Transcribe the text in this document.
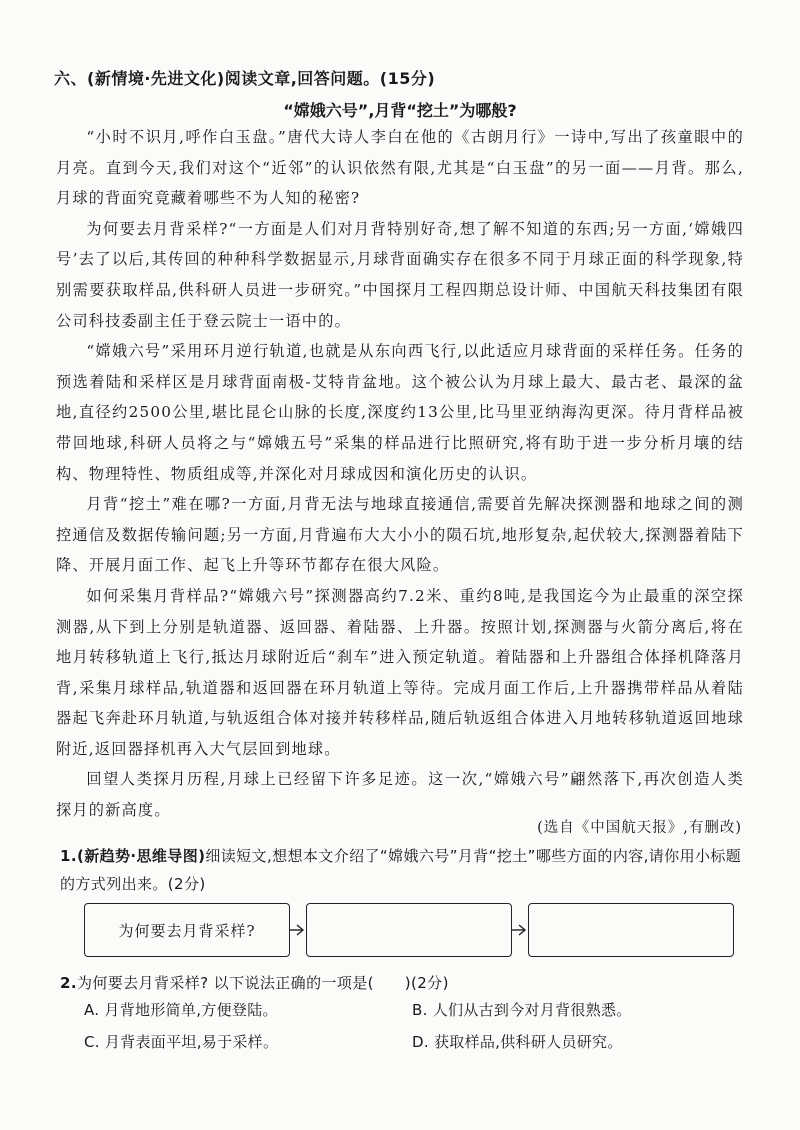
六、(新情境·先进文化)阅读文章,回答问题。(15分)
“嫦娥六号”,月背“挖土”为哪般?

“小时不识月,呼作白玉盘。”唐代大诗人李白在他的《古朗月行》一诗中,写出了孩童眼中的月亮。直到今天,我们对这个“近邻”的认识依然有限,尤其是“白玉盘”的另一面——月背。那么,月球的背面究竟藏着哪些不为人知的秘密?

为何要去月背采样?“一方面是人们对月背特别好奇,想了解不知道的东西;另一方面,‘嫦娥四号’去了以后,其传回的种种科学数据显示,月球背面确实存在很多不同于月球正面的科学现象,特别需要获取样品,供科研人员进一步研究。”中国探月工程四期总设计师、中国航天科技集团有限公司科技委副主任于登云院士一语中的。

“嫦娥六号”采用环月逆行轨道,也就是从东向西飞行,以此适应月球背面的采样任务。任务的预选着陆和采样区是月球背面南极-艾特肯盆地。这个被公认为月球上最大、最古老、最深的盆地,直径约2500公里,堪比昆仑山脉的长度,深度约13公里,比马里亚纳海沟更深。待月背样品被带回地球,科研人员将之与“嫦娥五号”采集的样品进行比照研究,将有助于进一步分析月壤的结构、物理特性、物质组成等,并深化对月球成因和演化历史的认识。

月背“挖土”难在哪?一方面,月背无法与地球直接通信,需要首先解决探测器和地球之间的测控通信及数据传输问题;另一方面,月背遍布大大小小的陨石坑,地形复杂,起伏较大,探测器着陆下降、开展月面工作、起飞上升等环节都存在很大风险。

如何采集月背样品?“嫦娥六号”探测器高约7.2米、重约8吨,是我国迄今为止最重的深空探测器,从下到上分别是轨道器、返回器、着陆器、上升器。按照计划,探测器与火箭分离后,将在地月转移轨道上飞行,抵达月球附近后“刹车”进入预定轨道。着陆器和上升器组合体择机降落月背,采集月球样品,轨道器和返回器在环月轨道上等待。完成月面工作后,上升器携带样品从着陆器起飞奔赴环月轨道,与轨返组合体对接并转移样品,随后轨返组合体进入月地转移轨道返回地球附近,返回器择机再入大气层回到地球。

回望人类探月历程,月球上已经留下许多足迹。这一次,“嫦娥六号”翩然落下,再次创造人类探月的新高度。

(选自《中国航天报》,有删改)
1.(新趋势·思维导图)细读短文,想想本文介绍了“嫦娥六号”月背“挖土”哪些方面的内容,请你用小标题的方式列出来。(2分)
为何要去月背采样?
2.为何要去月背采样? 以下说法正确的一项是(　　)(2分)
A. 月背地形简单,方便登陆。	B. 人们从古到今对月背很熟悉。
C. 月背表面平坦,易于采样。	D. 获取样品,供科研人员研究。
